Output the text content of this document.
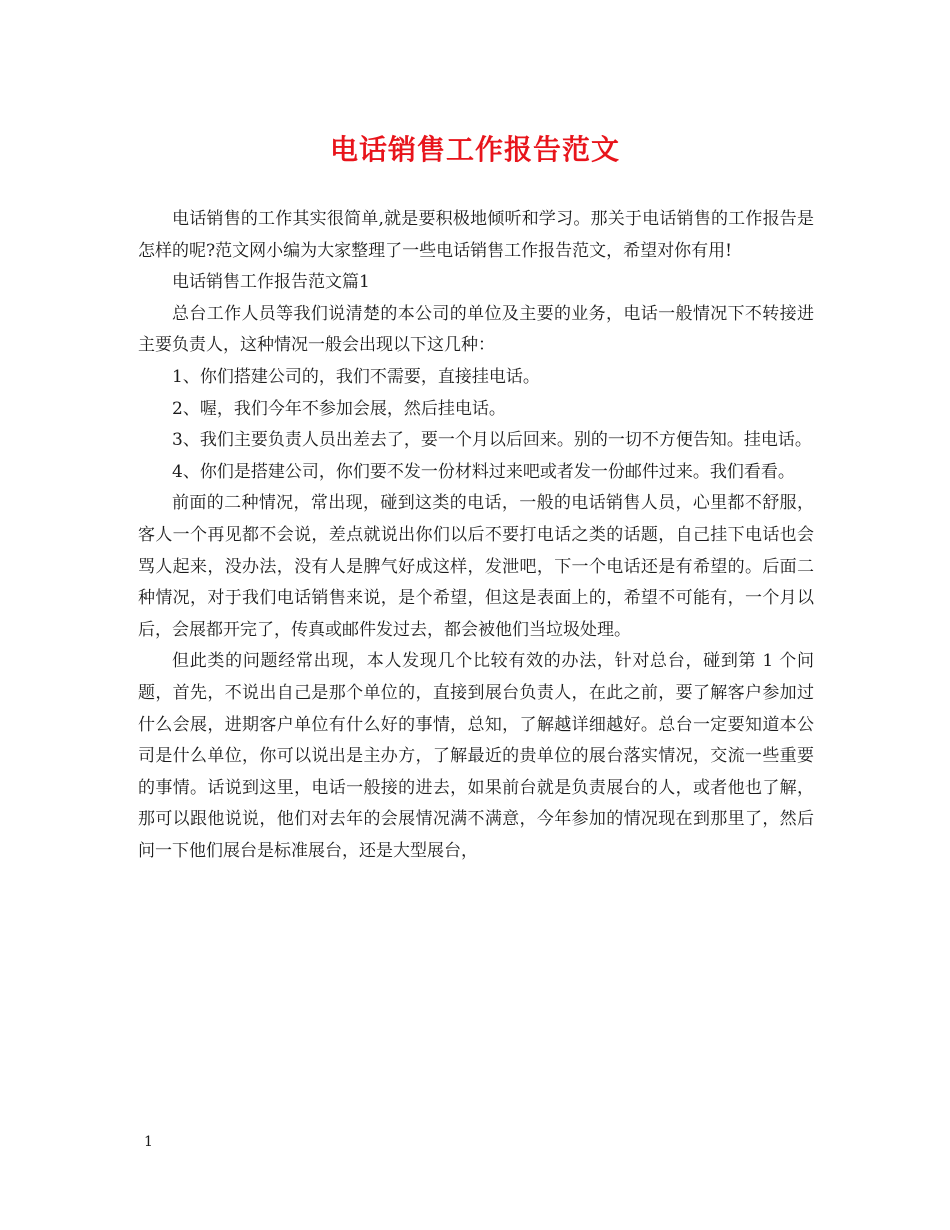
电话销售工作报告范文

电话销售的工作其实很简单,就是要积极地倾听和学习。那关于电话销售的工作报告是怎样的呢?范文网小编为大家整理了一些电话销售工作报告范文，希望对你有用!

电话销售工作报告范文篇1

总台工作人员等我们说清楚的本公司的单位及主要的业务，电话一般情况下不转接进主要负责人，这种情况一般会出现以下这几种：

1、你们搭建公司的，我们不需要，直接挂电话。

2、喔，我们今年不参加会展，然后挂电话。

3、我们主要负责人员出差去了，要一个月以后回来。别的一切不方便告知。挂电话。

4、你们是搭建公司，你们要不发一份材料过来吧或者发一份邮件过来。我们看看。

前面的二种情况，常出现，碰到这类的电话，一般的电话销售人员，心里都不舒服，客人一个再见都不会说，差点就说出你们以后不要打电话之类的话题，自己挂下电话也会骂人起来，没办法，没有人是脾气好成这样，发泄吧，下一个电话还是有希望的。后面二种情况，对于我们电话销售来说，是个希望，但这是表面上的，希望不可能有，一个月以后，会展都开完了，传真或邮件发过去，都会被他们当垃圾处理。

但此类的问题经常出现，本人发现几个比较有效的办法，针对总台，碰到第 1 个问题，首先，不说出自己是那个单位的，直接到展台负责人，在此之前，要了解客户参加过什么会展，进期客户单位有什么好的事情，总知，了解越详细越好。总台一定要知道本公司是什么单位，你可以说出是主办方，了解最近的贵单位的展台落实情况，交流一些重要的事情。话说到这里，电话一般接的进去，如果前台就是负责展台的人，或者他也了解，那可以跟他说说，他们对去年的会展情况满不满意，今年参加的情况现在到那里了，然后问一下他们展台是标准展台，还是大型展台，

1
